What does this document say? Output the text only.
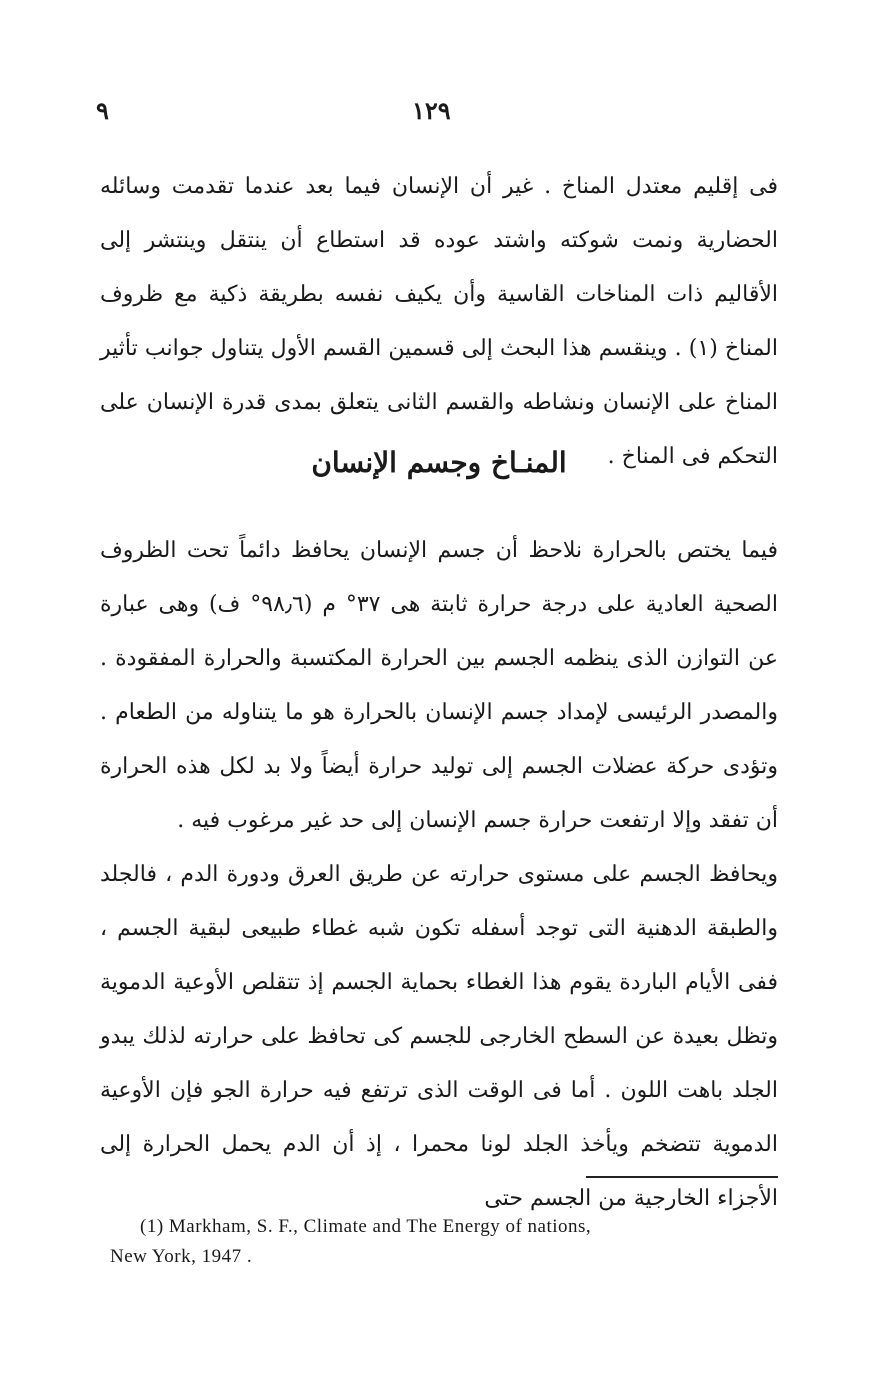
٩	١٢٩

فى إقليم معتدل المناخ . غير أن الإنسان فيما بعد عندما تقدمت وسائله الحضارية ونمت شوكته واشتد عوده قد استطاع أن ينتقل وينتشر إلى الأقاليم ذات المناخات القاسية وأن يكيف نفسه بطريقة ذكية مع ظروف المناخ (١) . وينقسم هذا البحث إلى قسمين القسم الأول يتناول جوانب تأثير المناخ على الإنسان ونشاطه والقسم الثانى يتعلق بمدى قدرة الإنسان على التحكم فى المناخ .

المنـاخ وجسم الإنسان

فيما يختص بالحرارة نلاحظ أن جسم الإنسان يحافظ دائماً تحت الظروف الصحية العادية على درجة حرارة ثابتة هى ٣٧° م (٩٨٫٦° ف) وهى عبارة عن التوازن الذى ينظمه الجسم بين الحرارة المكتسبة والحرارة المفقودة . والمصدر الرئيسى لإمداد جسم الإنسان بالحرارة هو ما يتناوله من الطعام . وتؤدى حركة عضلات الجسم إلى توليد حرارة أيضاً ولا بد لكل هذه الحرارة أن تفقد وإلا ارتفعت حرارة جسم الإنسان إلى حد غير مرغوب فيه .

ويحافظ الجسم على مستوى حرارته عن طريق العرق ودورة الدم ، فالجلد والطبقة الدهنية التى توجد أسفله تكون شبه غطاء طبيعى لبقية الجسم ، ففى الأيام الباردة يقوم هذا الغطاء بحماية الجسم إذ تتقلص الأوعية الدموية وتظل بعيدة عن السطح الخارجى للجسم كى تحافظ على حرارته لذلك يبدو الجلد باهت اللون . أما فى الوقت الذى ترتفع فيه حرارة الجو فإن الأوعية الدموية تتضخم ويأخذ الجلد لونا محمرا ، إذ أن الدم يحمل الحرارة إلى الأجزاء الخارجية من الجسم حتى

(1) Markham, S. F., Climate and The Energy of nations,
New York, 1947 .
